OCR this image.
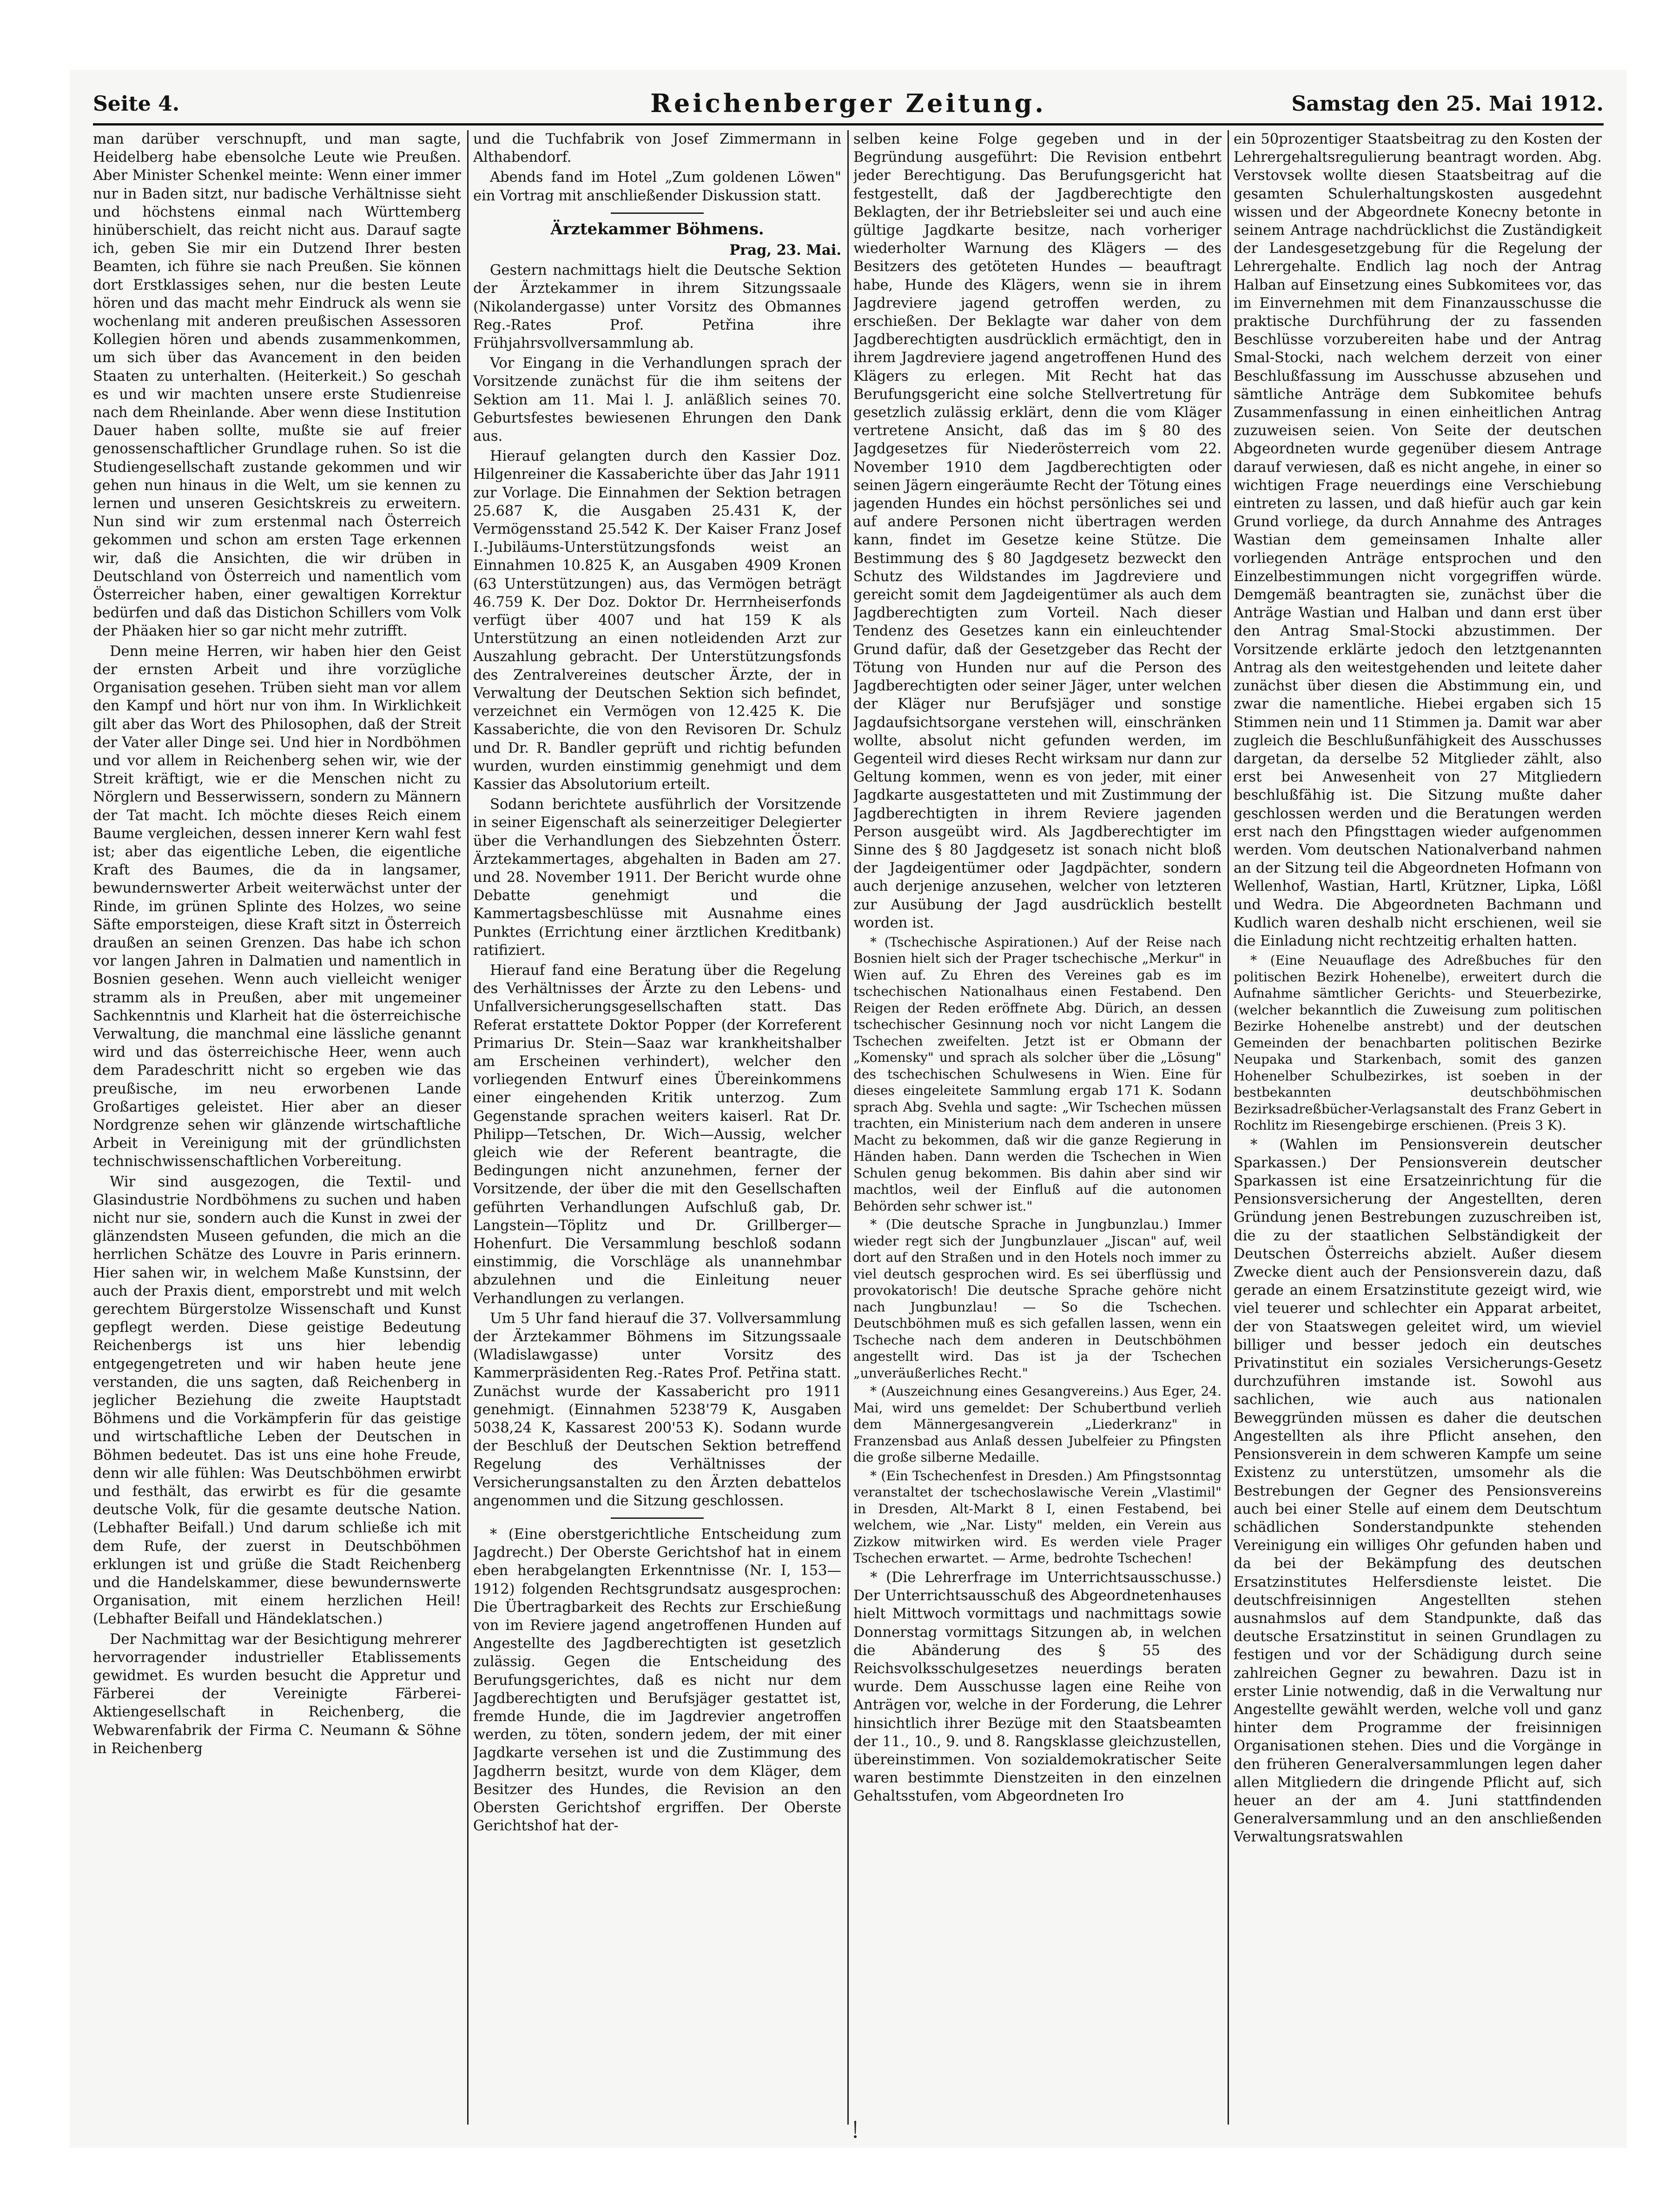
Seite 4.	Reichenberger Zeitung.	Samstag den 25. Mai 1912.

man darüber verschnupft, und man sagte, Heidelberg habe ebensolche Leute wie Preußen. Aber Minister Schenkel meinte: Wenn einer immer nur in Baden sitzt, nur badische Verhältnisse sieht und höchstens einmal nach Württemberg hinüberschielt, das reicht nicht aus. Darauf sagte ich, geben Sie mir ein Dutzend Ihrer besten Beamten, ich führe sie nach Preußen. Sie können dort Erstklassiges sehen, nur die besten Leute hören und das macht mehr Eindruck als wenn sie wochenlang mit anderen preußischen Assessoren Kollegien hören und abends zusammenkommen, um sich über das Avancement in den beiden Staaten zu unterhalten. (Heiterkeit.) So geschah es und wir machten unsere erste Studienreise nach dem Rheinlande. Aber wenn diese Institution Dauer haben sollte, mußte sie auf freier genossenschaftlicher Grundlage ruhen. So ist die Studiengesellschaft zustande gekommen und wir gehen nun hinaus in die Welt, um sie kennen zu lernen und unseren Gesichtskreis zu erweitern. Nun sind wir zum erstenmal nach Österreich gekommen und schon am ersten Tage erkennen wir, daß die Ansichten, die wir drüben in Deutschland von Österreich und namentlich vom Österreicher haben, einer gewaltigen Korrektur bedürfen und daß das Distichon Schillers vom Volk der Phäaken hier so gar nicht mehr zutrifft.

Denn meine Herren, wir haben hier den Geist der ernsten Arbeit und ihre vorzügliche Organisation gesehen. Trüben sieht man vor allem den Kampf und hört nur von ihm. In Wirklichkeit gilt aber das Wort des Philosophen, daß der Streit der Vater aller Dinge sei. Und hier in Nordböhmen und vor allem in Reichenberg sehen wir, wie der Streit kräftigt, wie er die Menschen nicht zu Nörglern und Besserwissern, sondern zu Männern der Tat macht. Ich möchte dieses Reich einem Baume vergleichen, dessen innerer Kern wahl fest ist; aber das eigentliche Leben, die eigentliche Kraft des Baumes, die da in langsamer, bewundernswerter Arbeit weiterwächst unter der Rinde, im grünen Splinte des Holzes, wo seine Säfte emporsteigen, diese Kraft sitzt in Österreich draußen an seinen Grenzen. Das habe ich schon vor langen Jahren in Dalmatien und namentlich in Bosnien gesehen. Wenn auch vielleicht weniger stramm als in Preußen, aber mit ungemeiner Sachkenntnis und Klarheit hat die österreichische Verwaltung, die manchmal eine lässliche genannt wird und das österreichische Heer, wenn auch dem Paradeschritt nicht so ergeben wie das preußische, im neu erworbenen Lande Großartiges geleistet. Hier aber an dieser Nordgrenze sehen wir glänzende wirtschaftliche Arbeit in Vereinigung mit der gründlichsten technischwissenschaftlichen Vorbereitung.

Wir sind ausgezogen, die Textil- und Glasindustrie Nordböhmens zu suchen und haben nicht nur sie, sondern auch die Kunst in zwei der glänzendsten Museen gefunden, die mich an die herrlichen Schätze des Louvre in Paris erinnern. Hier sahen wir, in welchem Maße Kunstsinn, der auch der Praxis dient, emporstrebt und mit welch gerechtem Bürgerstolze Wissenschaft und Kunst gepflegt werden. Diese geistige Bedeutung Reichenbergs ist uns hier lebendig entgegengetreten und wir haben heute jene verstanden, die uns sagten, daß Reichenberg in jeglicher Beziehung die zweite Hauptstadt Böhmens und die Vorkämpferin für das geistige und wirtschaftliche Leben der Deutschen in Böhmen bedeutet. Das ist uns eine hohe Freude, denn wir alle fühlen: Was Deutschböhmen erwirbt und festhält, das erwirbt es für die gesamte deutsche Volk, für die gesamte deutsche Nation. (Lebhafter Beifall.) Und darum schließe ich mit dem Rufe, der zuerst in Deutschböhmen erklungen ist und grüße die Stadt Reichenberg und die Handelskammer, diese bewundernswerte Organisation, mit einem herzlichen Heil! (Lebhafter Beifall und Händeklatschen.)

Der Nachmittag war der Besichtigung mehrerer hervorragender industrieller Etablissements gewidmet. Es wurden besucht die Appretur und Färberei der Vereinigte Färberei-Aktiengesellschaft in Reichenberg, die Webwarenfabrik der Firma C. Neumann & Söhne in Reichenberg

und die Tuchfabrik von Josef Zimmermann in Althabendorf.

Abends fand im Hotel „Zum goldenen Löwen" ein Vortrag mit anschließender Diskussion statt.

Ärztekammer Böhmens.
Prag, 23. Mai.

Gestern nachmittags hielt die Deutsche Sektion der Ärztekammer in ihrem Sitzungssaale (Nikolandergasse) unter Vorsitz des Obmannes Reg.-Rates Prof. Petřina ihre Frühjahrsvollversammlung ab.

Vor Eingang in die Verhandlungen sprach der Vorsitzende zunächst für die ihm seitens der Sektion am 11. Mai l. J. anläßlich seines 70. Geburtsfestes bewiesenen Ehrungen den Dank aus.

Hierauf gelangten durch den Kassier Doz. Hilgenreiner die Kassaberichte über das Jahr 1911 zur Vorlage. Die Einnahmen der Sektion betragen 25.687 K, die Ausgaben 25.431 K, der Vermögensstand 25.542 K. Der Kaiser Franz Josef I.-Jubiläums-Unterstützungsfonds weist an Einnahmen 10.825 K, an Ausgaben 4909 Kronen (63 Unterstützungen) aus, das Vermögen beträgt 46.759 K. Der Doz. Doktor Dr. Herrnheiserfonds verfügt über 4007 und hat 159 K als Unterstützung an einen notleidenden Arzt zur Auszahlung gebracht. Der Unterstützungsfonds des Zentralvereines deutscher Ärzte, der in Verwaltung der Deutschen Sektion sich befindet, verzeichnet ein Vermögen von 12.425 K. Die Kassaberichte, die von den Revisoren Dr. Schulz und Dr. R. Bandler geprüft und richtig befunden wurden, wurden einstimmig genehmigt und dem Kassier das Absolutorium erteilt.

Sodann berichtete ausführlich der Vorsitzende in seiner Eigenschaft als seinerzeitiger Delegierter über die Verhandlungen des Siebzehnten Österr. Ärztekammertages, abgehalten in Baden am 27. und 28. November 1911. Der Bericht wurde ohne Debatte genehmigt und die Kammertagsbeschlüsse mit Ausnahme eines Punktes (Errichtung einer ärztlichen Kreditbank) ratifiziert.

Hierauf fand eine Beratung über die Regelung des Verhältnisses der Ärzte zu den Lebens- und Unfallversicherungsgesellschaften statt. Das Referat erstattete Doktor Popper (der Korreferent Primarius Dr. Stein—Saaz war krankheitshalber am Erscheinen verhindert), welcher den vorliegenden Entwurf eines Übereinkommens einer eingehenden Kritik unterzog. Zum Gegenstande sprachen weiters kaiserl. Rat Dr. Philipp—Tetschen, Dr. Wich—Aussig, welcher gleich wie der Referent beantragte, die Bedingungen nicht anzunehmen, ferner der Vorsitzende, der über die mit den Gesellschaften geführten Verhandlungen Aufschluß gab, Dr. Langstein—Töplitz und Dr. Grillberger—Hohenfurt. Die Versammlung beschloß sodann einstimmig, die Vorschläge als unannehmbar abzulehnen und die Einleitung neuer Verhandlungen zu verlangen.

Um 5 Uhr fand hierauf die 37. Vollversammlung der Ärztekammer Böhmens im Sitzungssaale (Wladislawgasse) unter Vorsitz des Kammerpräsidenten Reg.-Rates Prof. Petřina statt. Zunächst wurde der Kassabericht pro 1911 genehmigt. (Einnahmen 5238'79 K, Ausgaben 5038,24 K, Kassarest 200'53 K). Sodann wurde der Beschluß der Deutschen Sektion betreffend Regelung des Verhältnisses der Versicherungsanstalten zu den Ärzten debattelos angenommen und die Sitzung geschlossen.

* (Eine oberstgerichtliche Entscheidung zum Jagdrecht.) Der Oberste Gerichtshof hat in einem eben herabgelangten Erkenntnisse (Nr. I, 153—1912) folgenden Rechtsgrundsatz ausgesprochen: Die Übertragbarkeit des Rechts zur Erschießung von im Reviere jagend angetroffenen Hunden auf Angestellte des Jagdberechtigten ist gesetzlich zulässig. Gegen die Entscheidung des Berufungsgerichtes, daß es nicht nur dem Jagdberechtigten und Berufsjäger gestattet ist, fremde Hunde, die im Jagdrevier angetroffen werden, zu töten, sondern jedem, der mit einer Jagdkarte versehen ist und die Zustimmung des Jagdherrn besitzt, wurde von dem Kläger, dem Besitzer des Hundes, die Revision an den Obersten Gerichtshof ergriffen. Der Oberste Gerichtshof hat der-

selben keine Folge gegeben und in der Begründung ausgeführt: Die Revision entbehrt jeder Berechtigung. Das Berufungsgericht hat festgestellt, daß der Jagdberechtigte den Beklagten, der ihr Betriebsleiter sei und auch eine gültige Jagdkarte besitze, nach vorheriger wiederholter Warnung des Klägers — des Besitzers des getöteten Hundes — beauftragt habe, Hunde des Klägers, wenn sie in ihrem Jagdreviere jagend getroffen werden, zu erschießen. Der Beklagte war daher von dem Jagdberechtigten ausdrücklich ermächtigt, den in ihrem Jagdreviere jagend angetroffenen Hund des Klägers zu erlegen. Mit Recht hat das Berufungsgericht eine solche Stellvertretung für gesetzlich zulässig erklärt, denn die vom Kläger vertretene Ansicht, daß das im § 80 des Jagdgesetzes für Niederösterreich vom 22. November 1910 dem Jagdberechtigten oder seinen Jägern eingeräumte Recht der Tötung eines jagenden Hundes ein höchst persönliches sei und auf andere Personen nicht übertragen werden kann, findet im Gesetze keine Stütze. Die Bestimmung des § 80 Jagdgesetz bezweckt den Schutz des Wildstandes im Jagdreviere und gereicht somit dem Jagdeigentümer als auch dem Jagdberechtigten zum Vorteil. Nach dieser Tendenz des Gesetzes kann ein einleuchtender Grund dafür, daß der Gesetzgeber das Recht der Tötung von Hunden nur auf die Person des Jagdberechtigten oder seiner Jäger, unter welchen der Kläger nur Berufsjäger und sonstige Jagdaufsichtsorgane verstehen will, einschränken wollte, absolut nicht gefunden werden, im Gegenteil wird dieses Recht wirksam nur dann zur Geltung kommen, wenn es von jeder, mit einer Jagdkarte ausgestatteten und mit Zustimmung der Jagdberechtigten in ihrem Reviere jagenden Person ausgeübt wird. Als Jagdberechtigter im Sinne des § 80 Jagdgesetz ist sonach nicht bloß der Jagdeigentümer oder Jagdpächter, sondern auch derjenige anzusehen, welcher von letzteren zur Ausübung der Jagd ausdrücklich bestellt worden ist.

* (Tschechische Aspirationen.) Auf der Reise nach Bosnien hielt sich der Prager tschechische „Merkur" in Wien auf. Zu Ehren des Vereines gab es im tschechischen Nationalhaus einen Festabend. Den Reigen der Reden eröffnete Abg. Dürich, an dessen tschechischer Gesinnung noch vor nicht Langem die Tschechen zweifelten. Jetzt ist er Obmann der „Komensky" und sprach als solcher über die „Lösung" des tschechischen Schulwesens in Wien. Eine für dieses eingeleitete Sammlung ergab 171 K. Sodann sprach Abg. Svehla und sagte: „Wir Tschechen müssen trachten, ein Ministerium nach dem anderen in unsere Macht zu bekommen, daß wir die ganze Regierung in Händen haben. Dann werden die Tschechen in Wien Schulen genug bekommen. Bis dahin aber sind wir machtlos, weil der Einfluß auf die autonomen Behörden sehr schwer ist."

* (Die deutsche Sprache in Jungbunzlau.) Immer wieder regt sich der Jungbunzlauer „Jiscan" auf, weil dort auf den Straßen und in den Hotels noch immer zu viel deutsch gesprochen wird. Es sei überflüssig und provokatorisch! Die deutsche Sprache gehöre nicht nach Jungbunzlau! — So die Tschechen. Deutschböhmen muß es sich gefallen lassen, wenn ein Tscheche nach dem anderen in Deutschböhmen angestellt wird. Das ist ja der Tschechen „unveräußerliches Recht."

* (Auszeichnung eines Gesangvereins.) Aus Eger, 24. Mai, wird uns gemeldet: Der Schubertbund verlieh dem Männergesangverein „Liederkranz" in Franzensbad aus Anlaß dessen Jubelfeier zu Pfingsten die große silberne Medaille.

* (Ein Tschechenfest in Dresden.) Am Pfingstsonntag veranstaltet der tschechoslawische Verein „Vlastimil" in Dresden, Alt-Markt 8 I, einen Festabend, bei welchem, wie „Nar. Listy" melden, ein Verein aus Zizkow mitwirken wird. Es werden viele Prager Tschechen erwartet. — Arme, bedrohte Tschechen!

* (Die Lehrerfrage im Unterrichtsausschusse.) Der Unterrichtsausschuß des Abgeordnetenhauses hielt Mittwoch vormittags und nachmittags sowie Donnerstag vormittags Sitzungen ab, in welchen die Abänderung des § 55 des Reichsvolksschulgesetzes neuerdings beraten wurde. Dem Ausschusse lagen eine Reihe von Anträgen vor, welche in der Forderung, die Lehrer hinsichtlich ihrer Bezüge mit den Staatsbeamten der 11., 10., 9. und 8. Rangsklasse gleichzustellen, übereinstimmen. Von sozialdemokratischer Seite waren bestimmte Dienstzeiten in den einzelnen Gehaltsstufen, vom Abgeordneten Iro

ein 50prozentiger Staatsbeitrag zu den Kosten der Lehrergehaltsregulierung beantragt worden. Abg. Verstovsek wollte diesen Staatsbeitrag auf die gesamten Schulerhaltungskosten ausgedehnt wissen und der Abgeordnete Konecny betonte in seinem Antrage nachdrücklichst die Zuständigkeit der Landesgesetzgebung für die Regelung der Lehrergehalte. Endlich lag noch der Antrag Halban auf Einsetzung eines Subkomitees vor, das im Einvernehmen mit dem Finanzausschusse die praktische Durchführung der zu fassenden Beschlüsse vorzubereiten habe und der Antrag Smal-Stocki, nach welchem derzeit von einer Beschlußfassung im Ausschusse abzusehen und sämtliche Anträge dem Subkomitee behufs Zusammenfassung in einen einheitlichen Antrag zuzuweisen seien. Von Seite der deutschen Abgeordneten wurde gegenüber diesem Antrage darauf verwiesen, daß es nicht angehe, in einer so wichtigen Frage neuerdings eine Verschiebung eintreten zu lassen, und daß hiefür auch gar kein Grund vorliege, da durch Annahme des Antrages Wastian dem gemeinsamen Inhalte aller vorliegenden Anträge entsprochen und den Einzelbestimmungen nicht vorgegriffen würde. Demgemäß beantragten sie, zunächst über die Anträge Wastian und Halban und dann erst über den Antrag Smal-Stocki abzustimmen. Der Vorsitzende erklärte jedoch den letztgenannten Antrag als den weitestgehenden und leitete daher zunächst über diesen die Abstimmung ein, und zwar die namentliche. Hiebei ergaben sich 15 Stimmen nein und 11 Stimmen ja. Damit war aber zugleich die Beschlußunfähigkeit des Ausschusses dargetan, da derselbe 52 Mitglieder zählt, also erst bei Anwesenheit von 27 Mitgliedern beschlußfähig ist. Die Sitzung mußte daher geschlossen werden und die Beratungen werden erst nach den Pfingsttagen wieder aufgenommen werden. Vom deutschen Nationalverband nahmen an der Sitzung teil die Abgeordneten Hofmann von Wellenhof, Wastian, Hartl, Krützner, Lipka, Lößl und Wedra. Die Abgeordneten Bachmann und Kudlich waren deshalb nicht erschienen, weil sie die Einladung nicht rechtzeitig erhalten hatten.

* (Eine Neuauflage des Adreßbuches für den politischen Bezirk Hohenelbe), erweitert durch die Aufnahme sämtlicher Gerichts- und Steuerbezirke, (welcher bekanntlich die Zuweisung zum politischen Bezirke Hohenelbe anstrebt) und der deutschen Gemeinden der benachbarten politischen Bezirke Neupaka und Starkenbach, somit des ganzen Hohenelber Schulbezirkes, ist soeben in der bestbekannten deutschböhmischen Bezirksadreßbücher-Verlagsanstalt des Franz Gebert in Rochlitz im Riesengebirge erschienen. (Preis 3 K).

* (Wahlen im Pensionsverein deutscher Sparkassen.) Der Pensionsverein deutscher Sparkassen ist eine Ersatzeinrichtung für die Pensionsversicherung der Angestellten, deren Gründung jenen Bestrebungen zuzuschreiben ist, die zu der staatlichen Selbständigkeit der Deutschen Österreichs abzielt. Außer diesem Zwecke dient auch der Pensionsverein dazu, daß gerade an einem Ersatzinstitute gezeigt wird, wie viel teuerer und schlechter ein Apparat arbeitet, der von Staatswegen geleitet wird, um wieviel billiger und besser jedoch ein deutsches Privatinstitut ein soziales Versicherungs-Gesetz durchzuführen imstande ist. Sowohl aus sachlichen, wie auch aus nationalen Beweggründen müssen es daher die deutschen Angestellten als ihre Pflicht ansehen, den Pensionsverein in dem schweren Kampfe um seine Existenz zu unterstützen, umsomehr als die Bestrebungen der Gegner des Pensionsvereins auch bei einer Stelle auf einem dem Deutschtum schädlichen Sonderstandpunkte stehenden Vereinigung ein williges Ohr gefunden haben und da bei der Bekämpfung des deutschen Ersatzinstitutes Helfersdienste leistet. Die deutschfreisinnigen Angestellten stehen ausnahmslos auf dem Standpunkte, daß das deutsche Ersatzinstitut in seinen Grundlagen zu festigen und vor der Schädigung durch seine zahlreichen Gegner zu bewahren. Dazu ist in erster Linie notwendig, daß in die Verwaltung nur Angestellte gewählt werden, welche voll und ganz hinter dem Programme der freisinnigen Organisationen stehen. Dies und die Vorgänge in den früheren Generalversammlungen legen daher allen Mitgliedern die dringende Pflicht auf, sich heuer an der am 4. Juni stattfindenden Generalversammlung und an den anschließenden Verwaltungsratswahlen
